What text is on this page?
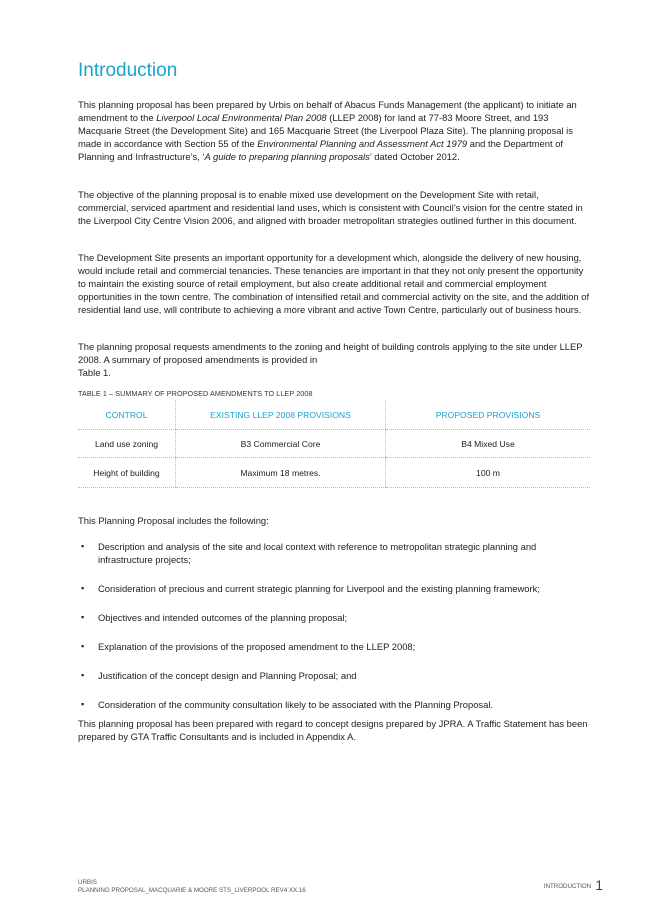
Introduction

This planning proposal has been prepared by Urbis on behalf of Abacus Funds Management (the applicant) to initiate an amendment to the Liverpool Local Environmental Plan 2008 (LLEP 2008) for land at 77-83 Moore Street, and 193 Macquarie Street (the Development Site) and 165 Macquarie Street (the Liverpool Plaza Site). The planning proposal is made in accordance with Section 55 of the Environmental Planning and Assessment Act 1979 and the Department of Planning and Infrastructure’s, ‘A guide to preparing planning proposals’ dated October 2012.

The objective of the planning proposal is to enable mixed use development on the Development Site with retail, commercial, serviced apartment and residential land uses, which is consistent with Council’s vision for the centre stated in the Liverpool City Centre Vision 2006, and aligned with broader metropolitan strategies outlined further in this document.

The Development Site presents an important opportunity for a development which, alongside the delivery of new housing, would include retail and commercial tenancies. These tenancies are important in that they not only present the opportunity to maintain the existing source of retail employment, but also create additional retail and commercial employment opportunities in the town centre. The combination of intensified retail and commercial activity on the site, and the addition of residential land use, will contribute to achieving a more vibrant and active Town Centre, particularly out of business hours.

The planning proposal requests amendments to the zoning and height of building controls applying to the site under LLEP 2008. A summary of proposed amendments is provided in
Table 1.

TABLE 1 – SUMMARY OF PROPOSED AMENDMENTS TO LLEP 2008

CONTROL	EXISTING LLEP 2008 PROVISIONS	PROPOSED PROVISIONS
Land use zoning	B3 Commercial Core	B4 Mixed Use
Height of building	Maximum 18 metres.	100 m

This Planning Proposal includes the following:

▪ Description and analysis of the site and local context with reference to metropolitan strategic planning and infrastructure projects;
▪ Consideration of precious and current strategic planning for Liverpool and the existing planning framework;
▪ Objectives and intended outcomes of the planning proposal;
▪ Explanation of the provisions of the proposed amendment to the LLEP 2008;
▪ Justification of the concept design and Planning Proposal; and
▪ Consideration of the community consultation likely to be associated with the Planning Proposal.

This planning proposal has been prepared with regard to concept designs prepared by JPRA. A Traffic Statement has been prepared by GTA Traffic Consultants and is included in Appendix A.

URBIS
PLANNING PROPOSAL_MACQUARIE & MOORE STS_LIVERPOOL REV4 XX.16
INTRODUCTION 1
